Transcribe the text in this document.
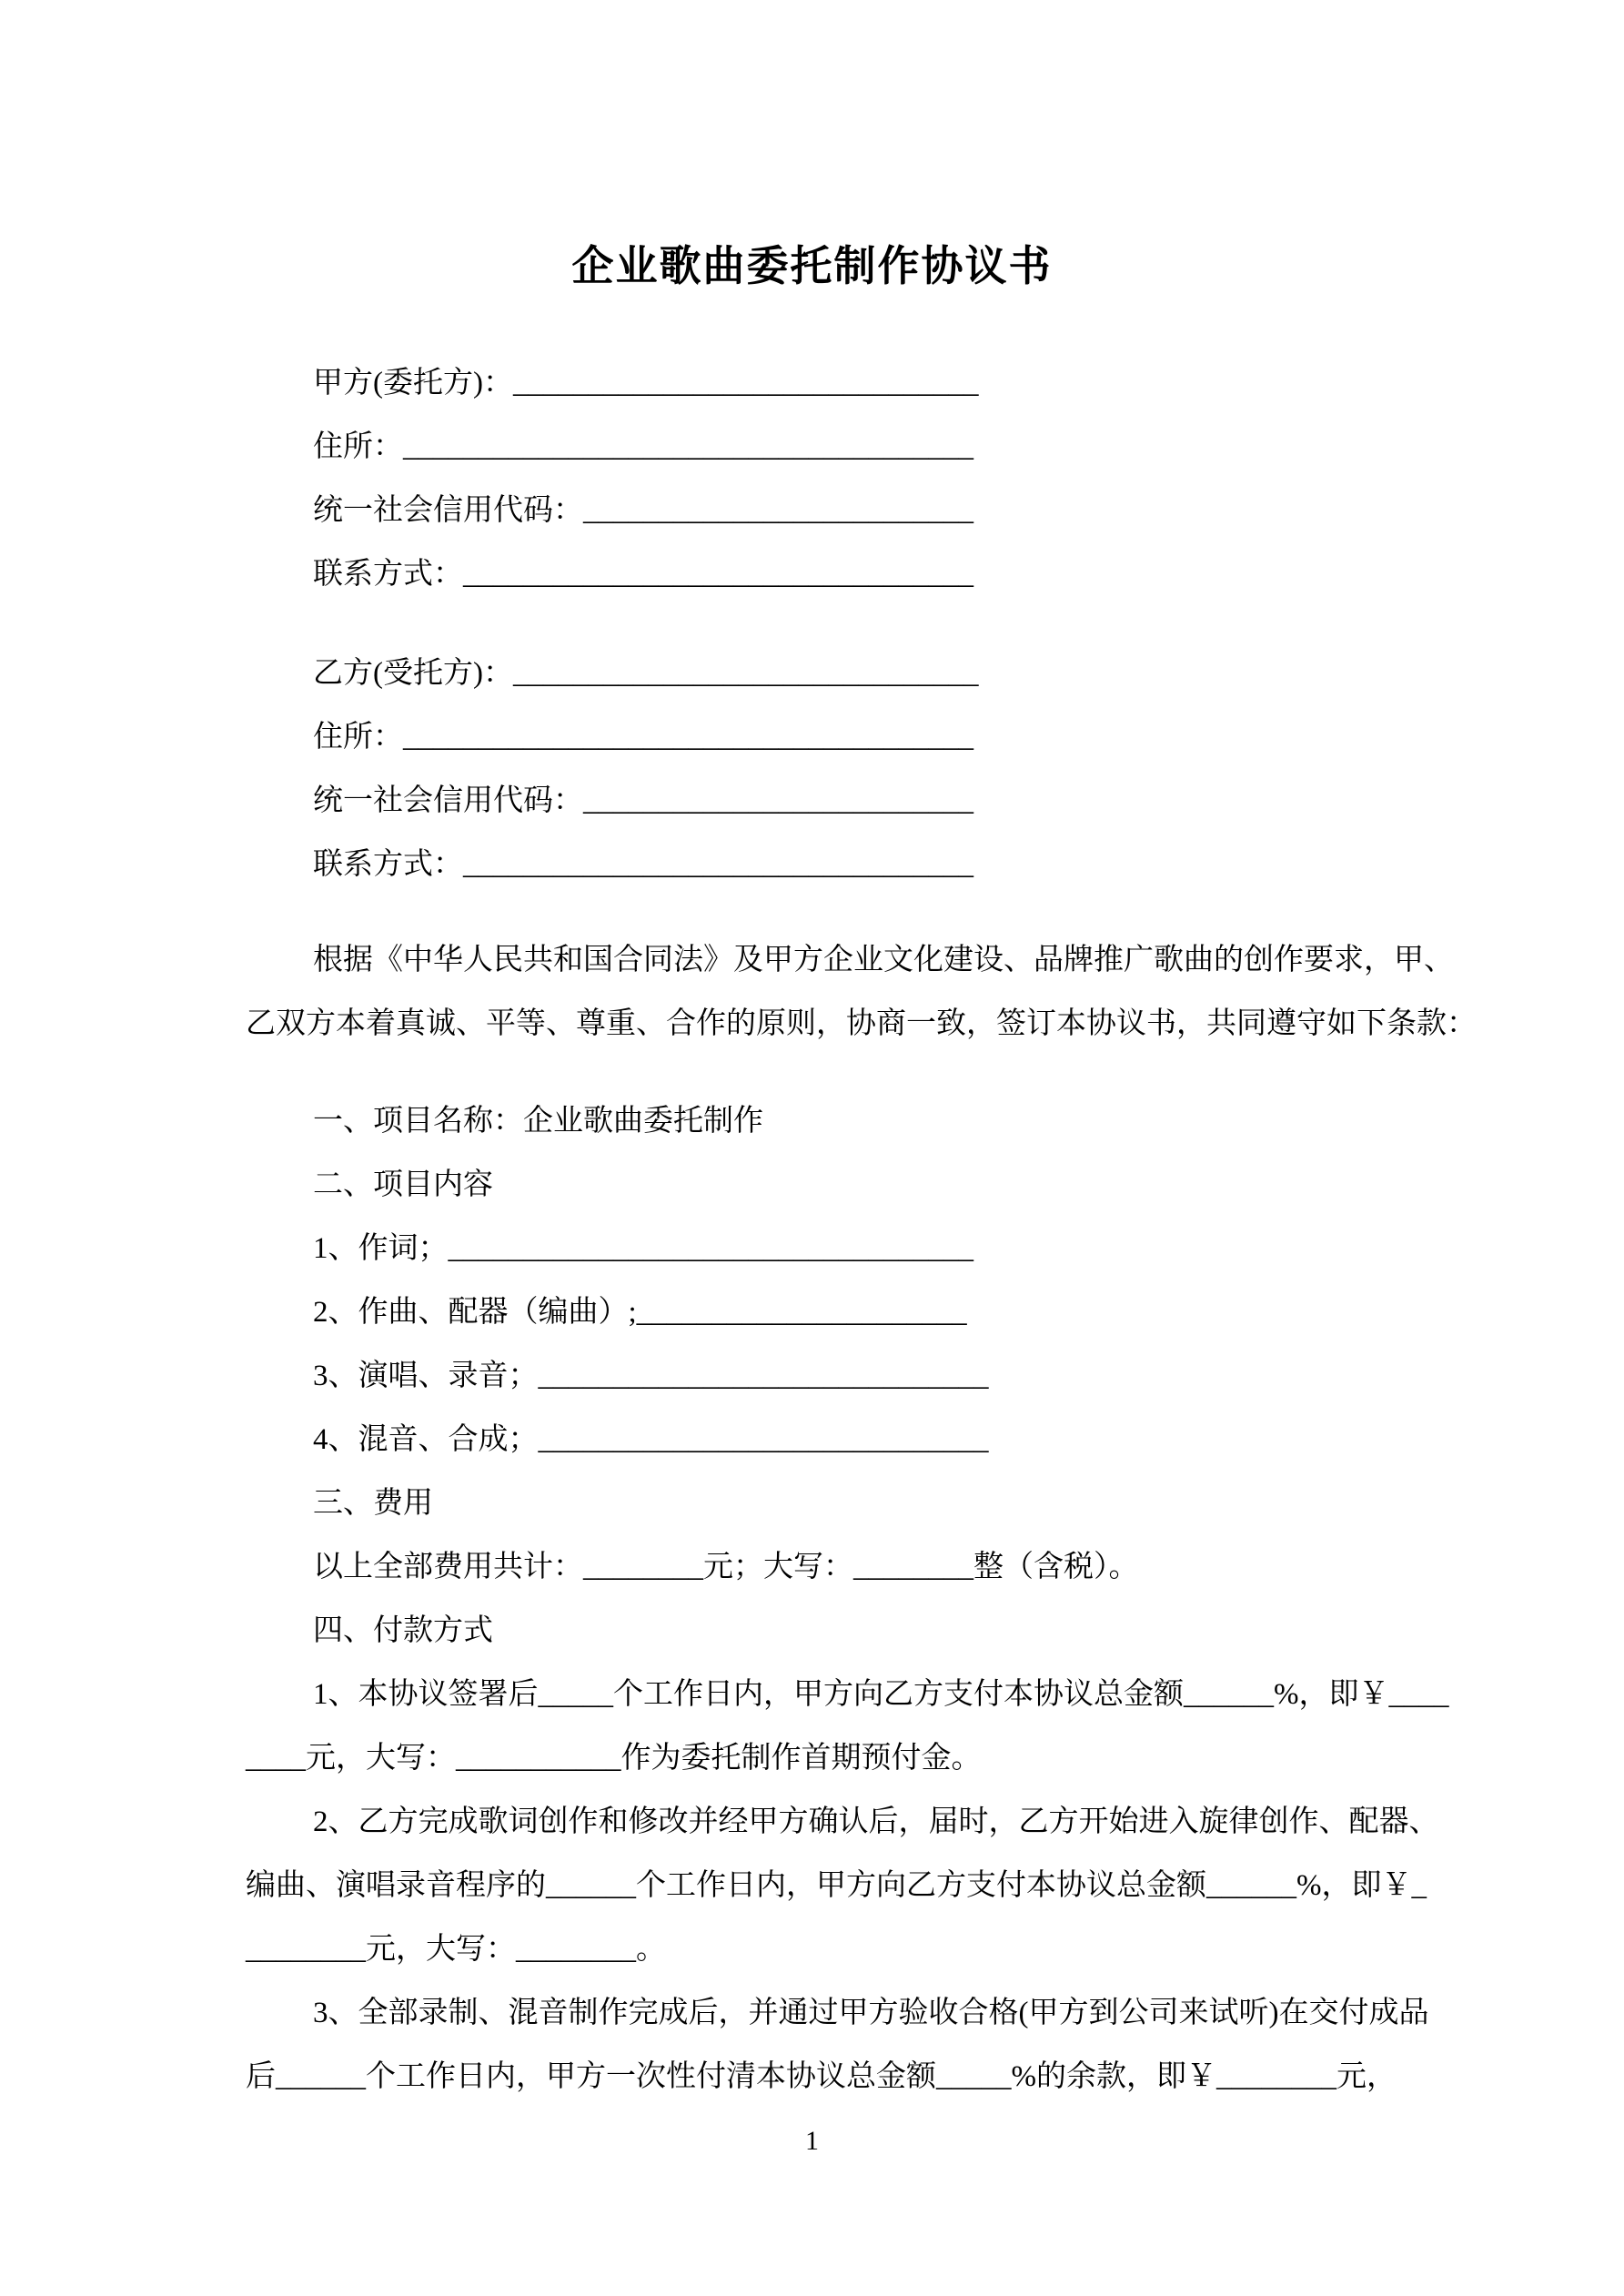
企业歌曲委托制作协议书
甲方(委托方)：_______________________________
住所：______________________________________
统一社会信用代码：__________________________
联系方式：__________________________________
乙方(受托方)：_______________________________
住所：______________________________________
统一社会信用代码：__________________________
联系方式：__________________________________
根据《中华人民共和国合同法》及甲方企业文化建设、品牌推广歌曲的创作要求，甲、
乙双方本着真诚、平等、尊重、合作的原则，协商一致，签订本协议书，共同遵守如下条款：
一、项目名称：企业歌曲委托制作
二、项目内容
1、作词；___________________________________
2、作曲、配器（编曲）;______________________
3、演唱、录音；______________________________
4、混音、合成；______________________________
三、费用
以上全部费用共计：________元；大写：________整（含税）。
四、付款方式
1、本协议签署后_____个工作日内，甲方向乙方支付本协议总金额______%，即￥____
____元，大写：___________作为委托制作首期预付金。
2、乙方完成歌词创作和修改并经甲方确认后，届时，乙方开始进入旋律创作、配器、
编曲、演唱录音程序的______个工作日内，甲方向乙方支付本协议总金额______%，即￥_
________元，大写：________。
3、全部录制、混音制作完成后，并通过甲方验收合格(甲方到公司来试听)在交付成品
后______个工作日内，甲方一次性付清本协议总金额_____%的余款，即￥________元，
1
